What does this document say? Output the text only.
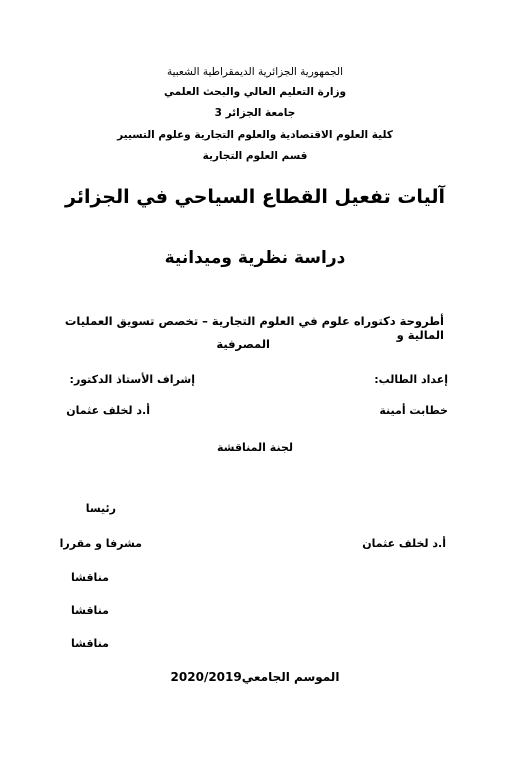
الجمهورية الجزائرية الديمقراطية الشعبية

وزارة التعليم العالي والبحث العلمي

جامعة الجزائر 3

كلية العلوم الاقتصادية والعلوم التجارية وعلوم التسيير

قسم العلوم التجارية

آليات تفعيل القطاع السياحي في الجزائر

دراسة نظرية وميدانية

أطروحة دكتوراه علوم في العلوم التجارية – تخصص تسويق العمليات المالية و

المصرفية

إعداد الطالب:

إشراف الأستاذ الدكتور:

خطابت أمينة

أ.د لخلف عثمان

لجنة المناقشة

رئيسا

أ.د لخلف عثمان

مشرفا و مقررا

مناقشا

مناقشا

مناقشا

الموسم الجامعي2020/2019
